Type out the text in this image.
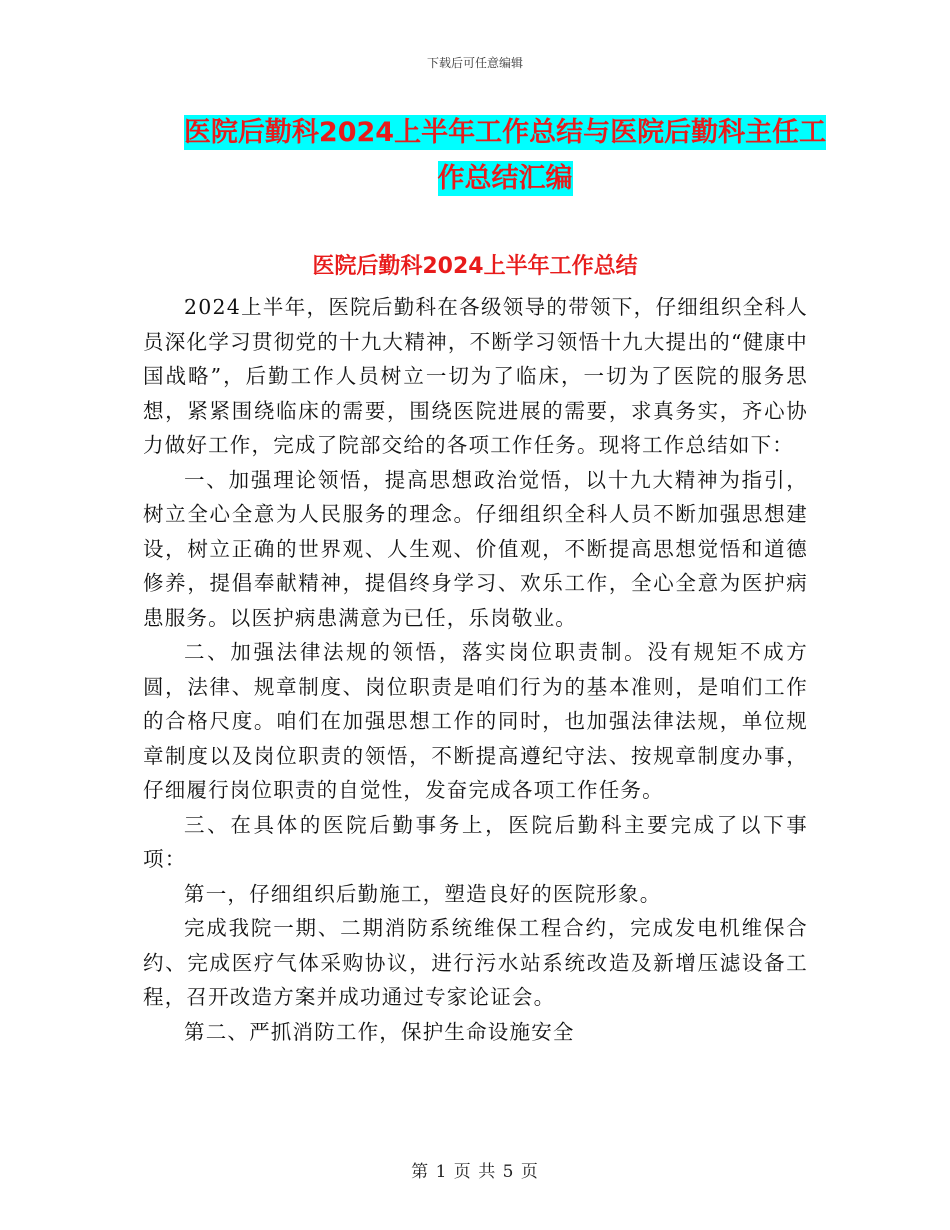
下载后可任意编辑
医院后勤科2024上半年工作总结与医院后勤科主任工
作总结汇编
医院后勤科2024上半年工作总结

2024上半年，医院后勤科在各级领导的带领下，仔细组织全科人员深化学习贯彻党的十九大精神，不断学习领悟十九大提出的“健康中国战略”，后勤工作人员树立一切为了临床，一切为了医院的服务思想，紧紧围绕临床的需要，围绕医院进展的需要，求真务实，齐心协力做好工作，完成了院部交给的各项工作任务。现将工作总结如下：

一、加强理论领悟，提高思想政治觉悟，以十九大精神为指引，树立全心全意为人民服务的理念。仔细组织全科人员不断加强思想建设，树立正确的世界观、人生观、价值观，不断提高思想觉悟和道德修养，提倡奉献精神，提倡终身学习、欢乐工作，全心全意为医护病患服务。以医护病患满意为已任，乐岗敬业。

二、加强法律法规的领悟，落实岗位职责制。没有规矩不成方圆，法律、规章制度、岗位职责是咱们行为的基本准则，是咱们工作的合格尺度。咱们在加强思想工作的同时，也加强法律法规，单位规章制度以及岗位职责的领悟，不断提高遵纪守法、按规章制度办事，仔细履行岗位职责的自觉性，发奋完成各项工作任务。

三、在具体的医院后勤事务上，医院后勤科主要完成了以下事项：

第一，仔细组织后勤施工，塑造良好的医院形象。

完成我院一期、二期消防系统维保工程合约，完成发电机维保合约、完成医疗气体采购协议，进行污水站系统改造及新增压滤设备工程，召开改造方案并成功通过专家论证会。

第二、严抓消防工作，保护生命设施安全

第 1 页 共 5 页
